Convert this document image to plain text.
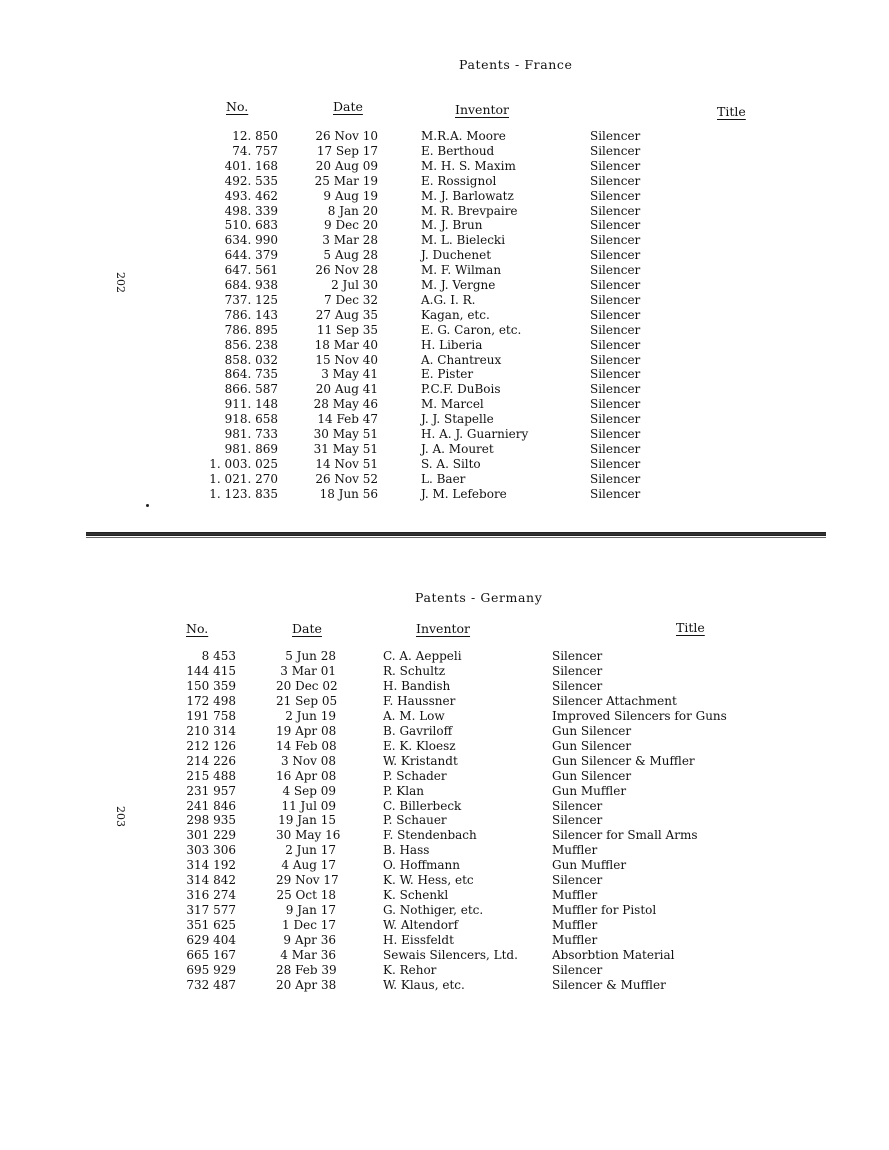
Patents - France
No.	Date	Inventor	Title
202
12. 850	26 Nov 10	M.R.A. Moore	Silencer
74. 757	17 Sep 17	E. Berthoud	Silencer
401. 168	20 Aug 09	M. H. S. Maxim	Silencer
492. 535	25 Mar 19	E. Rossignol	Silencer
493. 462	9 Aug 19	M. J. Barlowatz	Silencer
498. 339	8 Jan 20	M. R. Brevpaire	Silencer
510. 683	9 Dec 20	M. J. Brun	Silencer
634. 990	3 Mar 28	M. L. Bielecki	Silencer
644. 379	5 Aug 28	J. Duchenet	Silencer
647. 561	26 Nov 28	M. F. Wilman	Silencer
684. 938	2 Jul 30	M. J. Vergne	Silencer
737. 125	7 Dec 32	A.G. I. R.	Silencer
786. 143	27 Aug 35	Kagan, etc.	Silencer
786. 895	11 Sep 35	E. G. Caron, etc.	Silencer
856. 238	18 Mar 40	H. Liberia	Silencer
858. 032	15 Nov 40	A. Chantreux	Silencer
864. 735	3 May 41	E. Pister	Silencer
866. 587	20 Aug 41	P.C.F. DuBois	Silencer
911. 148	28 May 46	M. Marcel	Silencer
918. 658	14 Feb 47	J. J. Stapelle	Silencer
981. 733	30 May 51	H. A. J. Guarniery	Silencer
981. 869	31 May 51	J. A. Mouret	Silencer
1. 003. 025	14 Nov 51	S. A. Silto	Silencer
1. 021. 270	26 Nov 52	L. Baer	Silencer
1. 123. 835	18 Jun 56	J. M. Lefebore	Silencer
Patents - Germany
No.	Date	Inventor	Title
203
8 453	5 Jun 28	C. A. Aeppeli	Silencer
144 415	3 Mar 01	R. Schultz	Silencer
150 359	20 Dec 02	H. Bandish	Silencer
172 498	21 Sep 05	F. Haussner	Silencer Attachment
191 758	2 Jun 19	A. M. Low	Improved Silencers for Guns
210 314	19 Apr 08	B. Gavriloff	Gun Silencer
212 126	14 Feb 08	E. K. Kloesz	Gun Silencer
214 226	3 Nov 08	W. Kristandt	Gun Silencer & Muffler
215 488	16 Apr 08	P. Schader	Gun Silencer
231 957	4 Sep 09	P. Klan	Gun Muffler
241 846	11 Jul 09	C. Billerbeck	Silencer
298 935	19 Jan 15	P. Schauer	Silencer
301 229	30 May 16	F. Stendenbach	Silencer for Small Arms
303 306	2 Jun 17	B. Hass	Muffler
314 192	4 Aug 17	O. Hoffmann	Gun Muffler
314 842	29 Nov 17	K. W. Hess, etc	Silencer
316 274	25 Oct 18	K. Schenkl	Muffler
317 577	9 Jan 17	G. Nothiger, etc.	Muffler for Pistol
351 625	1 Dec 17	W. Altendorf	Muffler
629 404	9 Apr 36	H. Eissfeldt	Muffler
665 167	4 Mar 36	Sewais Silencers, Ltd.	Absorbtion Material
695 929	28 Feb 39	K. Rehor	Silencer
732 487	20 Apr 38	W. Klaus, etc.	Silencer & Muffler
